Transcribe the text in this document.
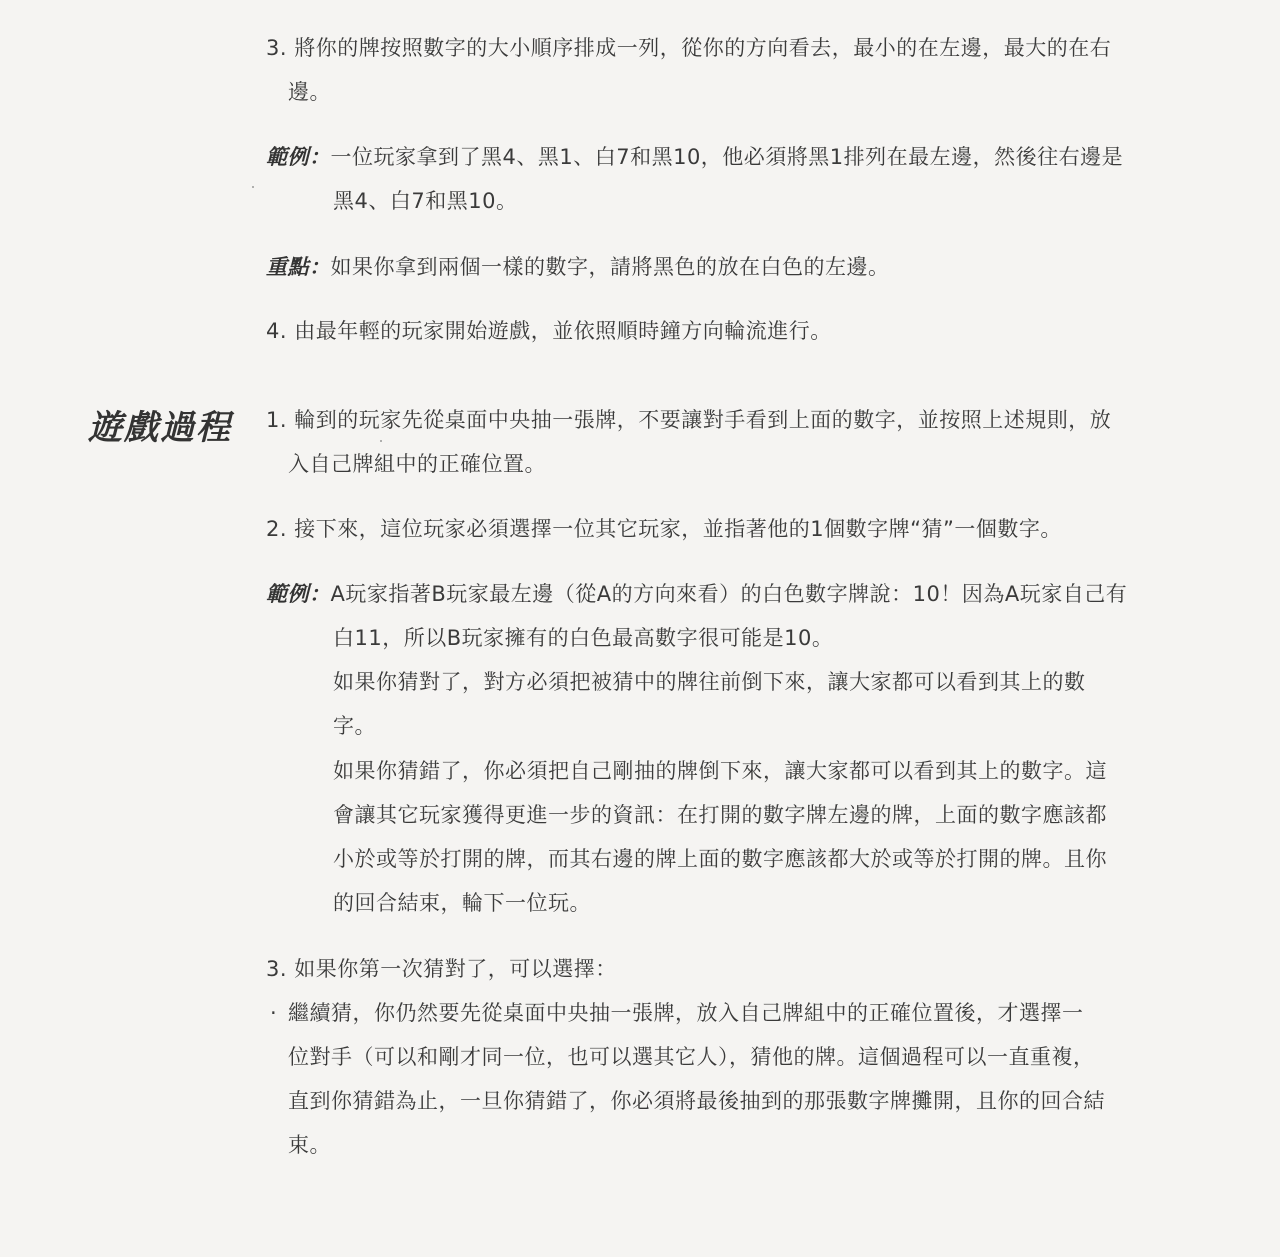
3. 將你的牌按照數字的大小順序排成一列，從你的方向看去，最小的在左邊，最大的在右
邊。
範例：一位玩家拿到了黑4、黑1、白7和黑10，他必須將黑1排列在最左邊，然後往右邊是
黑4、白7和黑10。
重點：如果你拿到兩個一樣的數字，請將黑色的放在白色的左邊。
4. 由最年輕的玩家開始遊戲，並依照順時鐘方向輪流進行。
遊戲過程 1. 輪到的玩家先從桌面中央抽一張牌，不要讓對手看到上面的數字，並按照上述規則，放
入自己牌組中的正確位置。
2. 接下來，這位玩家必須選擇一位其它玩家，並指著他的1個數字牌“猜”一個數字。
範例：A玩家指著B玩家最左邊（從A的方向來看）的白色數字牌說：10！因為A玩家自己有
白11，所以B玩家擁有的白色最高數字很可能是10。
如果你猜對了，對方必須把被猜中的牌往前倒下來，讓大家都可以看到其上的數
字。
如果你猜錯了，你必須把自己剛抽的牌倒下來，讓大家都可以看到其上的數字。這
會讓其它玩家獲得更進一步的資訊：在打開的數字牌左邊的牌，上面的數字應該都
小於或等於打開的牌，而其右邊的牌上面的數字應該都大於或等於打開的牌。且你
的回合結束，輪下一位玩。
3. 如果你第一次猜對了，可以選擇：
· 繼續猜，你仍然要先從桌面中央抽一張牌，放入自己牌組中的正確位置後，才選擇一
位對手（可以和剛才同一位，也可以選其它人），猜他的牌。這個過程可以一直重複，
直到你猜錯為止，一旦你猜錯了，你必須將最後抽到的那張數字牌攤開，且你的回合結
束。
